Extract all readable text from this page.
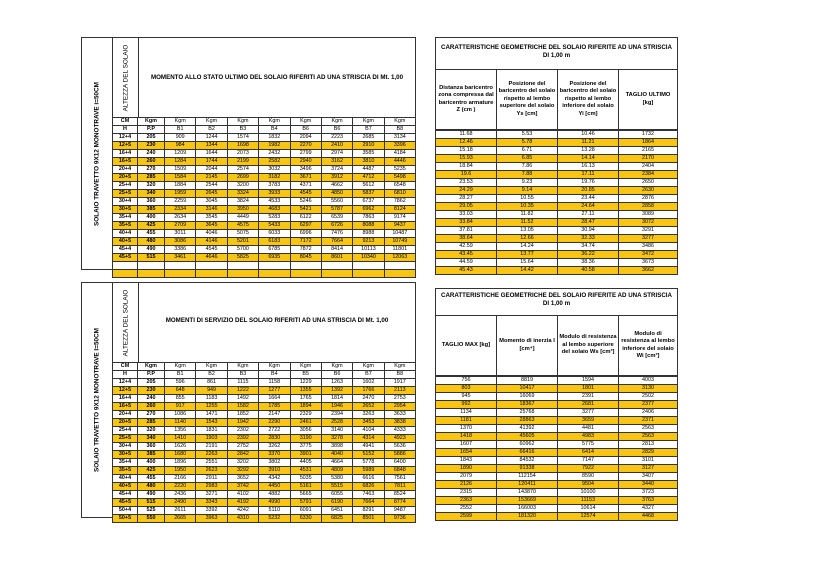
SOLAIO TRAVETTO 9X12 MONOTRAVE i=50CM
ALTEZZA DEL SOLAIO	MOMENTO ALLO STATO ULTIMO DEL SOLAIO RIFERITI AD UNA STRISCIA DI Mt. 1,00
CM	Kgm	Kgm	Kgm	Kgm	Kgm	Kgm	Kgm	Kgm	Kgm
H	P.P	B1	B2	B3	B4	B6	B6	B7	B8
12+4	205	909	1244	1574	1832	2094	2223	2685	3134
12+5	230	984	1344	1698	1982	2270	2410	2910	3396
16+4	240	1209	1644	2073	2432	2799	2974	3585	4184
16+5	260	1284	1744	2199	2582	2940	3162	3810	4446
20+4	270	1509	2044	2574	3032	3496	3724	4487	5235
20+5	285	1584	2145	2699	3182	3671	3912	4712	5498
25+4	320	1884	2544	3200	3783	4371	4662	5612	6548
25+5	340	1959	2645	3324	3933	4545	4850	5837	6810
30+4	360	2259	3045	3824	4533	5246	5560	6737	7862
30+5	385	2334	3146	3950	4683	5421	5787	6962	8124
35+4	400	2634	3545	4449	5283	6122	6539	7863	9174
35+5	425	2709	3645	4575	5433	6297	6726	8088	9437
40+4	455	3011	4046	5075	6033	6996	7476	8988	10487
40+5	480	3086	4146	5201	6183	7172	7664	9213	10749
45+4	490	3386	4545	5700	6785	7872	8414	10113	11801
45+5	515	3461	4646	5825	6935	8045	8601	10340	12063

CARATTERISTICHE GEOMETRICHE DEL SOLAIO RIFERITE AD UNA STRISCIA DI 1,00 m
Distanza baricentro zona compressa dal baricentro armature Z (cm )
Posizione del baricentro del solaio rispetto al lembo superiore del solaio Ys [cm]
Posizione del baricentro del solaio rispetto al lembo inferiore del solaio Yi [cm]
TAGLIO ULTIMO [kg]
11.68	5.53	10.46	1732
12.46	5.78	11.21	1864
15.18	6.71	13.28	2165
15.93	6.85	14.14	2170
18.84	7.86	16.13	2404
19.6	7.88	17.11	2384
23.53	9.23	19.76	2650
24.29	9.14	20.85	2630
28.27	10.55	23.44	2876
29.05	10.35	24.64	2858
33.03	11.82	27.11	3089
33.84	11.52	28.47	3072
37.81	13.05	30.94	3291
38.64	12.66	32.33	3277
42.59	14.24	34.74	3486
43.45	13.77	36.22	3472
44.59	15.64	38.36	3673
45.43	14.42	40.58	3662
SOLAIO TRAVETTO 9X12 MONOTRAVE I=50CM
ALTEZZA DEL SOLAIO	MOMENTI DI SERVIZIO DEL SOLAIO RIFERITI AD UNA STRISCIA DI Mt. 1,00
CM	Kgm	Kgm	Kgm	Kgm	Kgm	Kgm	Kgm	Kgm	Kgm
H	P.P	B1	B2	B3	B4	B5	B6	B7	B8
12+4	205	596	861	1115	1158	1229	1263	1602	1917
12+5	230	648	949	1222	1277	1355	1392	1766	2113
16+4	240	855	1183	1492	1664	1765	1814	2470	2753
16+5	260	917	1255	1582	1785	1894	1946	2652	2954
20+4	270	1086	1471	1852	2147	2329	2394	3263	3633
20+5	285	1140	1543	1942	2290	2461	2528	3453	3838
25+4	320	1356	1831	2302	2722	3056	3140	4104	4333
25+5	340	1410	1903	2392	2830	3190	3278	4314	4923
30+4	360	1626	2191	2752	3262	3775	3898	4941	5636
30+5	385	1680	2263	2842	3370	3901	4040	5152	5886
35+4	400	1896	2551	3202	3802	4405	4664	5778	6400
35+5	425	1950	2623	3292	3910	4531	4809	5989	6848
40+4	455	2166	2911	3652	4342	5035	5380	6616	7561
40+5	480	2220	2983	3742	4450	5161	5515	6826	7811
45+4	490	2436	3271	4102	4882	5665	6055	7463	8524
45+5	515	2490	3343	4192	4990	5791	6190	7664	8774
50+4	525	2611	3392	4242	5110	6091	6451	8291	9487
50+5	550	2665	3963	4310	5232	6330	6825	8501	9736
CARATTERISTICHE GEOMETRICHE DEL SOLAIO RIFERITE AD UNA STRISCIA DI 1,00 m
TAGLIO MAX [kg]
Momento di inerzia I [cm⁴]
Modulo di resistenza al lembo superiore del solaio Ws [cm³]
Modulo di resistenza al lembo inferiore del solaio Wi [cm³]
756	8819	1594	4003
803	10417	1801	3130
945	16069	2391	2502
992	18367	2681	2377
1134	25768	3277	2406
1181	28863	3659	2371
1370	41392	4481	2563
1418	45605	4983	2563
1607	60962	5775	2813
1654	66416	6414	2829
1843	84532	7147	3101
1890	91338	7922	3127
2079	112154	8590	3407
2126	120411	9504	3440
2315	143870	10100	3723
2363	153669	11153	3763
2552	166003	10614	4327
2599	181320	12574	4468
